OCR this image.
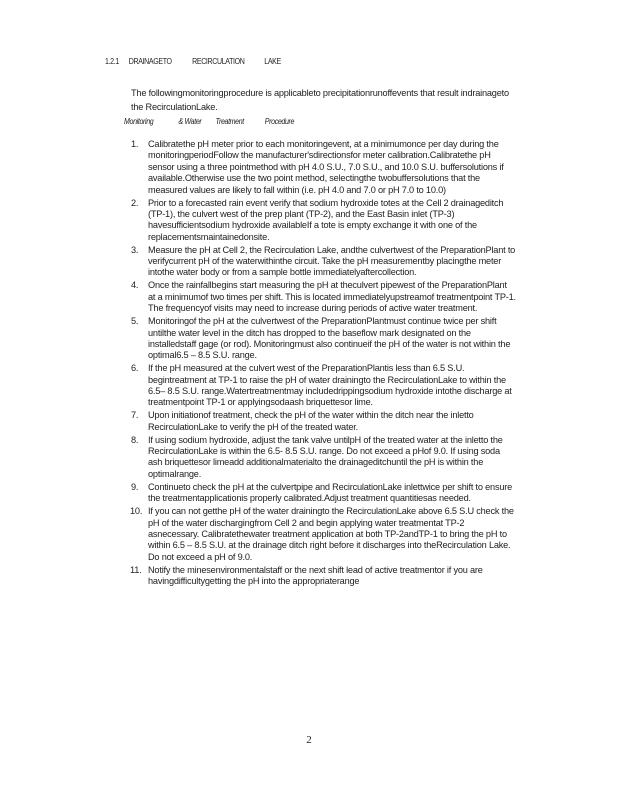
1.2.1	DRAINAGETO	RECIRCULATION	LAKE

The followingmonitoringprocedure is applicableto precipitationrunoffevents that result indrainageto the RecirculationLake.

Monitoring	& Water	Treatment	Procedure
1. Calibratethe pH meter prior to each monitoringevent, at a minimumonce per day during the monitoringperiodFollow the manufacturer'sdirectionsfor meter calibration.Calibratethe pH sensor using a three pointmethod with pH 4.0 S.U., 7.0 S.U., and 10.0 S.U. buffersolutions if available.Otherwise use the two point method, selectingthe twobuffersolutions that the measured values are likely to fall within (i.e. pH 4.0 and 7.0 or pH 7.0 to 10.0)
2. Prior to a forecasted rain event verify that sodium hydroxide totes at the Cell 2 drainageditch (TP-1), the culvert west of the prep plant (TP-2), and the East Basin inlet (TP-3) havesufficientsodium hydroxide availableIf a tote is empty exchange it with one of the replacementsmaintainedonsite.
3. Measure the pH at Cell 2, the Recirculation Lake, andthe culvertwest of the PreparationPlant to verifycurrent pH of the waterwithinthe circuit. Take the pH measurementby placingthe meter intothe water body or from a sample bottle immediatelyaftercollection.
4. Once the rainfallbegins start measuring the pH at theculvert pipewest of the PreparationPlant at a minimumof two times per shift. This is located immediatelyupstreamof treatmentpoint TP-1. The frequencyof visits may need to increase during periods of active water treatment.
5. Monitoringof the pH at the culvertwest of the PreparationPlantmust continue twice per shift untilthe water level in the ditch has dropped to the baseflow mark designated on the installedstaff gage (or rod). Monitoringmust also continueif the pH of the water is not within the optimal6.5 – 8.5 S.U. range.
6. If the pH measured at the culvert west of the PreparationPlantis less than 6.5 S.U. begintreatment at TP-1 to raise the pH of water drainingto the RecirculationLake to within the 6.5– 8.5 S.U. range.Watertreatmentmay includedrippingsodium hydroxide intothe discharge at treatmentpoint TP-1 or applyingsodaash briquettesor lime.
7. Upon initiationof treatment, check the pH of the water within the ditch near the inletto RecirculationLake to verify the pH of the treated water.
8. If using sodium hydroxide, adjust the tank valve untilpH of the treated water at the inletto the RecirculationLake is within the 6.5- 8.5 S.U. range. Do not exceed a pHof 9.0. If using soda ash briquettesor limeadd additionalmaterialto the drainageditchuntil the pH is within the optimalrange.
9. Continueto check the pH at the culvertpipe and RecirculationLake inlettwice per shift to ensure the treatmentapplicationis properly calibrated.Adjust treatment quantitiesas needed.
10. If you can not getthe pH of the water drainingto the RecirculationLake above 6.5 S.U check the pH of the water dischargingfrom Cell 2 and begin applying water treatmentat TP-2 asnecessary. Calibratethewater treatment application at both TP-2andTP-1 to bring the pH to within 6.5 – 8.5 S.U. at the drainage ditch right before it discharges into theRecirculation Lake. Do not exceed a pH of 9.0.
11. Notify the minesenvironmentalstaff or the next shift lead of active treatmentor if you are havingdifficultygetting the pH into the appropriaterange
2
